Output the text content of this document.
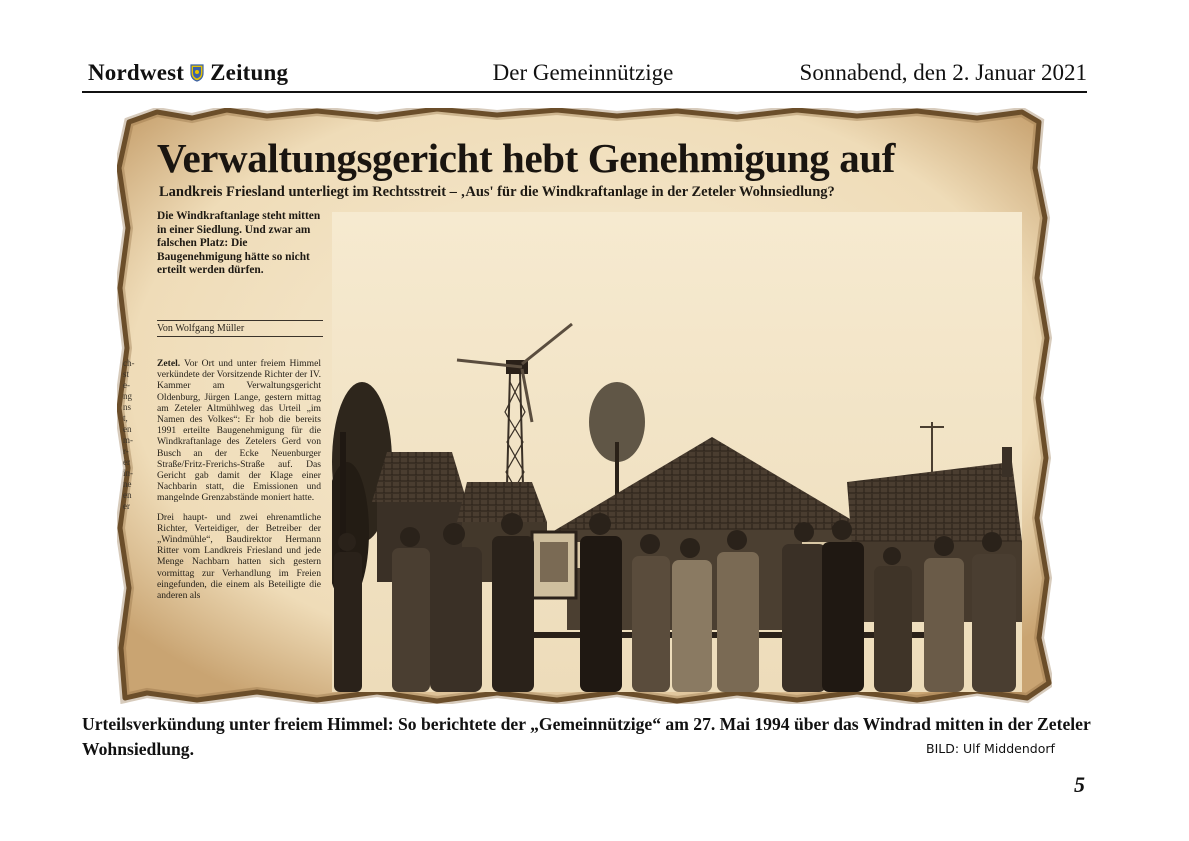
Nordwest Zeitung	Der Gemeinnützige	Sonnabend, den 2. Januar 2021
Verwaltungsgericht hebt Genehmigung auf
Landkreis Friesland unterliegt im Rechtsstreit – ‚Aus' für die Windkraftanlage in der Zeteler Wohnsiedlung?
Die Windkraftanlage steht mitten in einer Siedlung. Und zwar am falschen Platz: Die Baugenehmigung hätte so nicht erteilt werden dürfen.
Von Wolfgang Müller
ch-
st
e-
ng
ns
t,
en
m-
r-
er
in-
ne
en
er

Zetel. Vor Ort und unter freiem Himmel verkündete der Vorsitzende Richter der IV. Kammer am Verwaltungsgericht Oldenburg, Jürgen Lange, gestern mittag am Zeteler Altmühlweg das Urteil „im Namen des Volkes“: Er hob die bereits 1991 erteilte Baugenehmigung für die Windkraftanlage des Zetelers Gerd von Busch an der Ecke Neuenburger Straße/Fritz-Frerichs-Straße auf. Das Gericht gab damit der Klage einer Nachbarin statt, die Emissionen und mangelnde Grenzabstände moniert hatte.

Drei haupt- und zwei ehrenamtliche Richter, Verteidiger, der Betreiber der „Windmühle“, Baudirektor Hermann Ritter vom Landkreis Friesland und jede Menge Nachbarn hatten sich gestern vormittag zur Verhandlung im Freien eingefunden, die einem als Beteiligte die anderen als

Urteilsverkündung unter freiem Himmel: So berichtete der „Gemeinnützige“ am 27. Mai 1994 über das Windrad mitten in der Zeteler Wohnsiedlung.	BILD: Ulf Middendorf
5
